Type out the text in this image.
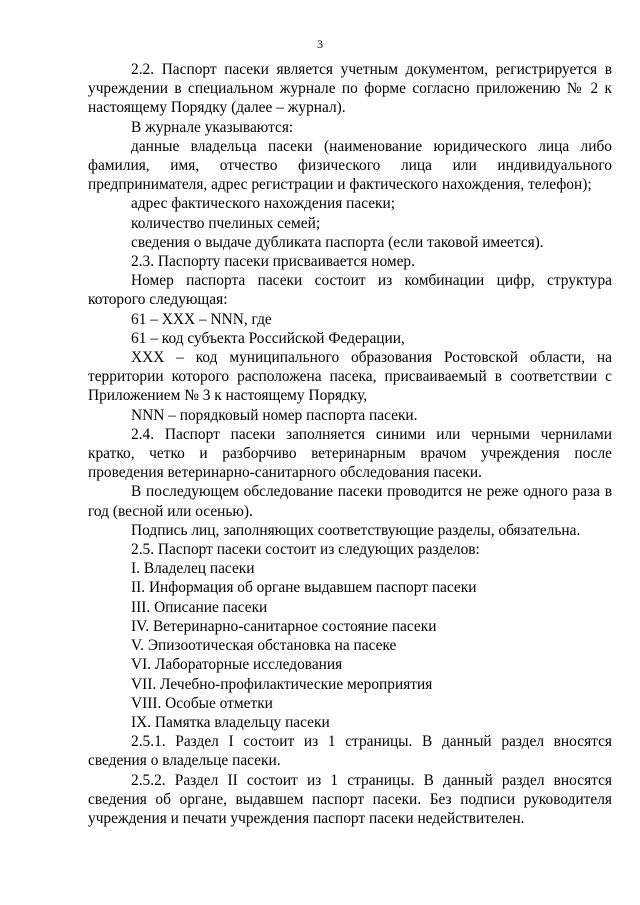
3

2.2. Паспорт пасеки является учетным документом, регистрируется в учреждении в специальном журнале по форме согласно приложению № 2 к настоящему Порядку (далее – журнал).

В журнале указываются:

данные владельца пасеки (наименование юридического лица либо фамилия, имя, отчество физического лица или индивидуального предпринимателя, адрес регистрации и фактического нахождения, телефон);

адрес фактического нахождения пасеки;

количество пчелиных семей;

сведения о выдаче дубликата паспорта (если таковой имеется).

2.3. Паспорту пасеки присваивается номер.

Номер паспорта пасеки состоит из комбинации цифр, структура которого следующая:

61 – XXX – NNN, где

61 – код субъекта Российской Федерации,

XXX – код муниципального образования Ростовской области, на территории которого расположена пасека, присваиваемый в соответствии с Приложением № 3 к настоящему Порядку,

NNN – порядковый номер паспорта пасеки.

2.4. Паспорт пасеки заполняется синими или черными чернилами кратко, четко и разборчиво ветеринарным врачом учреждения после проведения ветеринарно-санитарного обследования пасеки.

В последующем обследование пасеки проводится не реже одного раза в год (весной или осенью).

Подпись лиц, заполняющих соответствующие разделы, обязательна.

2.5. Паспорт пасеки состоит из следующих разделов:

I. Владелец пасеки

II. Информация об органе выдавшем паспорт пасеки

III. Описание пасеки

IV. Ветеринарно-санитарное состояние пасеки

V. Эпизоотическая обстановка на пасеке

VI. Лабораторные исследования

VII. Лечебно-профилактические мероприятия

VIII. Особые отметки

IX. Памятка владельцу пасеки

2.5.1. Раздел I состоит из 1 страницы. В данный раздел вносятся сведения о владельце пасеки.

2.5.2. Раздел II состоит из 1 страницы. В данный раздел вносятся сведения об органе, выдавшем паспорт пасеки. Без подписи руководителя учреждения и печати учреждения паспорт пасеки недействителен.
